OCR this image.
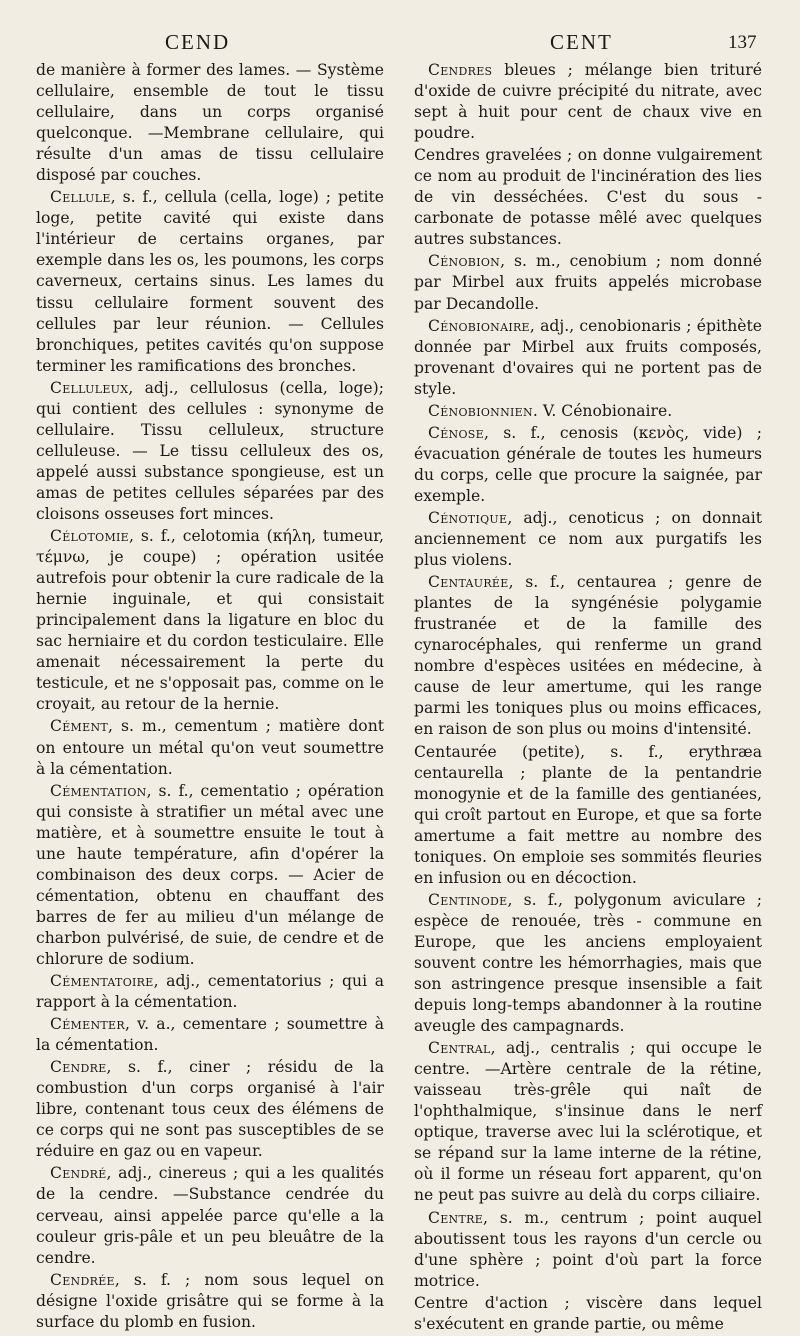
CEND	CENT	137

de manière à former des lames. — Système cellulaire, ensemble de tout le tissu cellulaire, dans un corps organisé quelconque. —Membrane cellulaire, qui résulte d'un amas de tissu cellulaire disposé par couches.

Cellule, s. f., cellula (cella, loge) ; petite loge, petite cavité qui existe dans l'intérieur de certains organes, par exemple dans les os, les poumons, les corps caverneux, certains sinus. Les lames du tissu cellulaire forment souvent des cellules par leur réunion. — Cellules bronchiques, petites cavités qu'on suppose terminer les ramifications des bronches.

Celluleux, adj., cellulosus (cella, loge); qui contient des cellules : synonyme de cellulaire. Tissu celluleux, structure celluleuse. — Le tissu celluleux des os, appelé aussi substance spongieuse, est un amas de petites cellules séparées par des cloisons osseuses fort minces.

Célotomie, s. f., celotomia (κήλη, tumeur, τέμνω, je coupe) ; opération usitée autrefois pour obtenir la cure radicale de la hernie inguinale, et qui consistait principalement dans la ligature en bloc du sac herniaire et du cordon testiculaire. Elle amenait nécessairement la perte du testicule, et ne s'opposait pas, comme on le croyait, au retour de la hernie.

Cément, s. m., cementum ; matière dont on entoure un métal qu'on veut soumettre à la cémentation.

Cémentation, s. f., cementatio ; opération qui consiste à stratifier un métal avec une matière, et à soumettre ensuite le tout à une haute température, afin d'opérer la combinaison des deux corps. — Acier de cémentation, obtenu en chauffant des barres de fer au milieu d'un mélange de charbon pulvérisé, de suie, de cendre et de chlorure de sodium.

Cémentatoire, adj., cementatorius ; qui a rapport à la cémentation.

Cémenter, v. a., cementare ; soumettre à la cémentation.

Cendre, s. f., ciner ; résidu de la combustion d'un corps organisé à l'air libre, contenant tous ceux des élémens de ce corps qui ne sont pas susceptibles de se réduire en gaz ou en vapeur.

Cendré, adj., cinereus ; qui a les qualités de la cendre. —Substance cendrée du cerveau, ainsi appelée parce qu'elle a la couleur gris-pâle et un peu bleuâtre de la cendre.

Cendrée, s. f. ; nom sous lequel on désigne l'oxide grisâtre qui se forme à la surface du plomb en fusion.

Cendres bleues ; mélange bien trituré d'oxide de cuivre précipité du nitrate, avec sept à huit pour cent de chaux vive en poudre.

Cendres gravelées ; on donne vulgairement ce nom au produit de l'incinération des lies de vin desséchées. C'est du sous - carbonate de potasse mêlé avec quelques autres substances.

Cénobion, s. m., cenobium ; nom donné par Mirbel aux fruits appelés microbase par Decandolle.

Cénobionaire, adj., cenobionaris ; épithète donnée par Mirbel aux fruits composés, provenant d'ovaires qui ne portent pas de style.

Cénobionnien. V. Cénobionaire.

Cénose, s. f., cenosis (κενὸς, vide) ; évacuation générale de toutes les humeurs du corps, celle que procure la saignée, par exemple.

Cénotique, adj., cenoticus ; on donnait anciennement ce nom aux purgatifs les plus violens.

Centaurée, s. f., centaurea ; genre de plantes de la syngénésie polygamie frustranée et de la famille des cynarocéphales, qui renferme un grand nombre d'espèces usitées en médecine, à cause de leur amertume, qui les range parmi les toniques plus ou moins efficaces, en raison de son plus ou moins d'intensité.

Centaurée (petite), s. f., erythræa centaurella ; plante de la pentandrie monogynie et de la famille des gentianées, qui croît partout en Europe, et que sa forte amertume a fait mettre au nombre des toniques. On emploie ses sommités fleuries en infusion ou en décoction.

Centinode, s. f., polygonum aviculare ; espèce de renouée, très - commune en Europe, que les anciens employaient souvent contre les hémorrhagies, mais que son astringence presque insensible a fait depuis long-temps abandonner à la routine aveugle des campagnards.

Central, adj., centralis ; qui occupe le centre. —Artère centrale de la rétine, vaisseau très-grêle qui naît de l'ophthalmique, s'insinue dans le nerf optique, traverse avec lui la sclérotique, et se répand sur la lame interne de la rétine, où il forme un réseau fort apparent, qu'on ne peut pas suivre au delà du corps ciliaire.

Centre, s. m., centrum ; point auquel aboutissent tous les rayons d'un cercle ou d'une sphère ; point d'où part la force motrice.

Centre d'action ; viscère dans lequel s'exécutent en grande partie, ou même
